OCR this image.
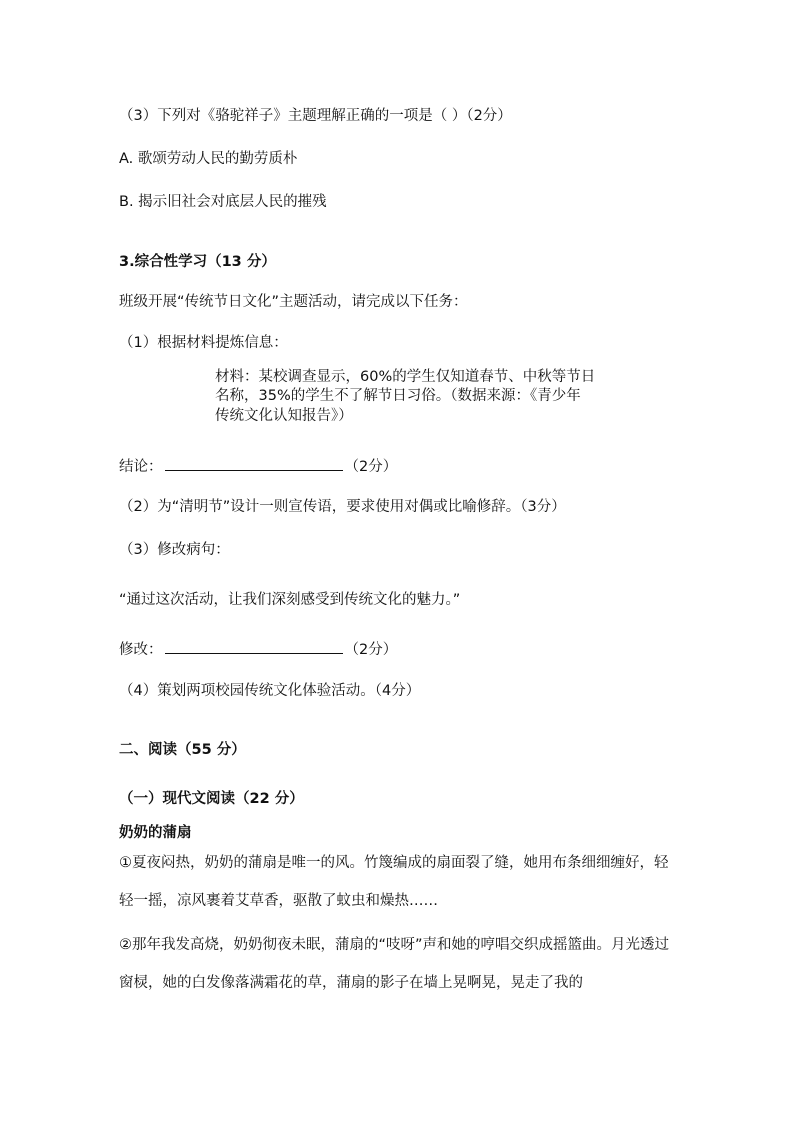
（3）下列对《骆驼祥子》主题理解正确的一项是（ ）（2分）
A. 歌颂劳动人民的勤劳质朴
B. 揭示旧社会对底层人民的摧残
3.综合性学习（13 分）
班级开展“传统节日文化”主题活动，请完成以下任务：
（1）根据材料提炼信息：
材料：某校调查显示，60%的学生仅知道春节、中秋等节日
名称，35%的学生不了解节日习俗。（数据来源：《青少年
传统文化认知报告》）
结论：	（2分）
（2）为“清明节”设计一则宣传语，要求使用对偶或比喻修辞。（3分）
（3）修改病句：
“通过这次活动，让我们深刻感受到传统文化的魅力。”
修改：	（2分）
（4）策划两项校园传统文化体验活动。（4分）
二、阅读（55 分）
（一）现代文阅读（22 分）
奶奶的蒲扇
①夏夜闷热，奶奶的蒲扇是唯一的风。竹篾编成的扇面裂了缝，她用布条细细缠好，轻轻一摇，凉风裹着艾草香，驱散了蚊虫和燥热……
②那年我发高烧，奶奶彻夜未眠，蒲扇的“吱呀”声和她的哼唱交织成摇篮曲。月光透过窗棂，她的白发像落满霜花的草，蒲扇的影子在墙上晃啊晃，晃走了我的
